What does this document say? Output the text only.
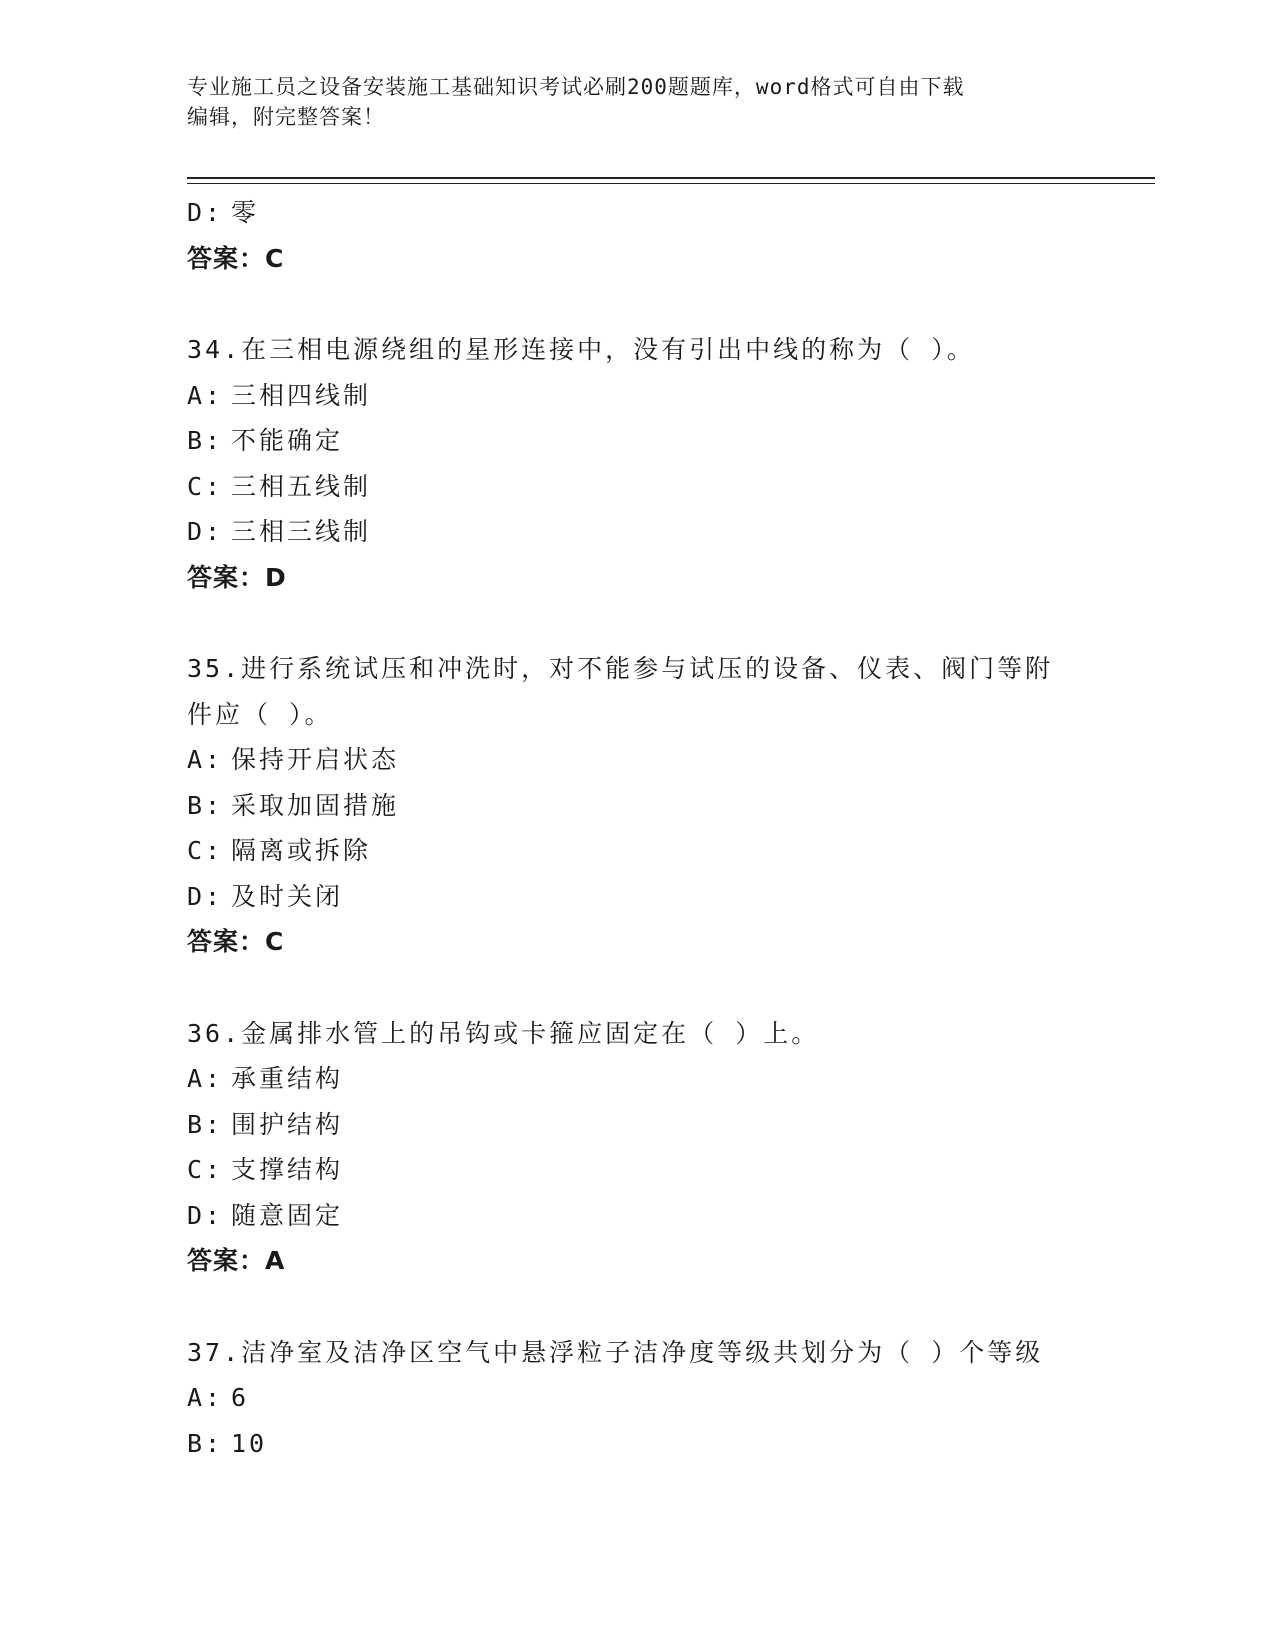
专业施工员之设备安装施工基础知识考试必刷200题题库，word格式可自由下载
编辑，附完整答案！
D: 零
答案：C
34.在三相电源绕组的星形连接中，没有引出中线的称为（ ）。
A: 三相四线制
B: 不能确定
C: 三相五线制
D: 三相三线制
答案：D
35.进行系统试压和冲洗时，对不能参与试压的设备、仪表、阀门等附
件应（ ）。
A: 保持开启状态
B: 采取加固措施
C: 隔离或拆除
D: 及时关闭
答案：C
36.金属排水管上的吊钩或卡箍应固定在（ ）上。
A: 承重结构
B: 围护结构
C: 支撑结构
D: 随意固定
答案：A
37.洁净室及洁净区空气中悬浮粒子洁净度等级共划分为（ ）个等级
A: 6
B: 10
